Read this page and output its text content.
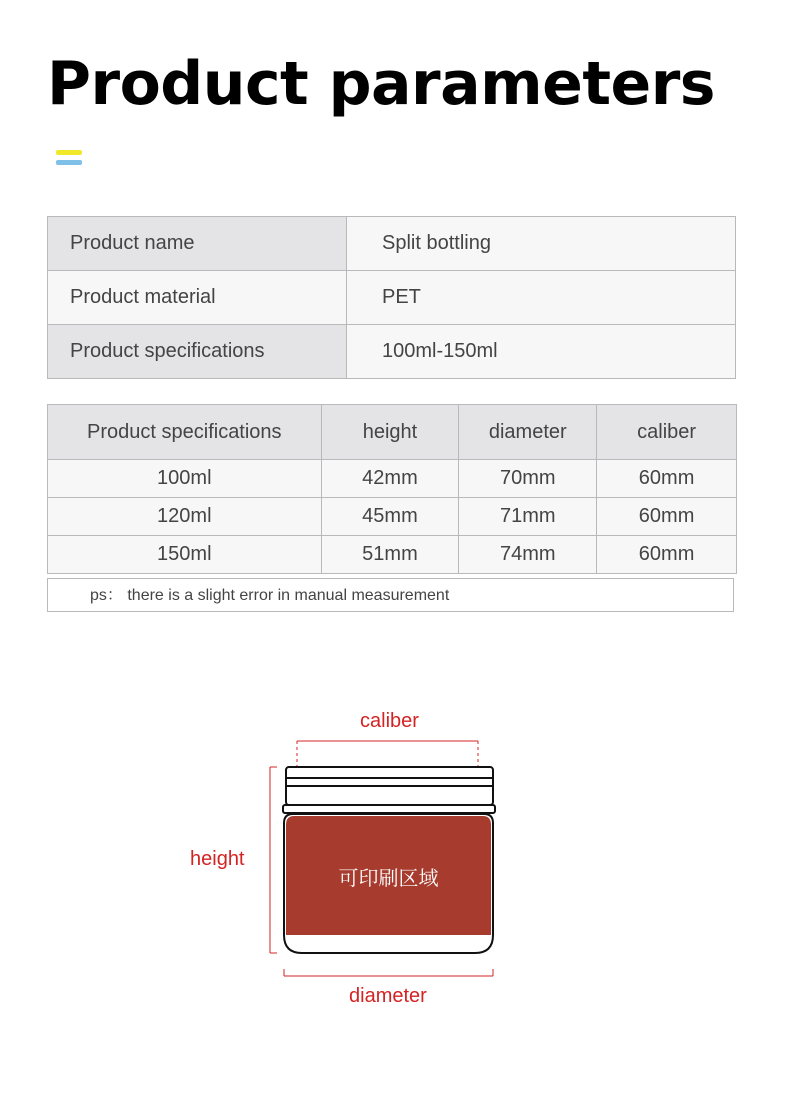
Product parameters
Product name	Split bottling
Product material	PET
Product specifications	100ml-150ml
Product specifications	height	diameter	caliber
100ml	42mm	70mm	60mm
120ml	45mm	71mm	60mm
150ml	51mm	74mm	60mm
ps： there is a slight error in manual measurement
caliber
height
diameter
可印刷区域
